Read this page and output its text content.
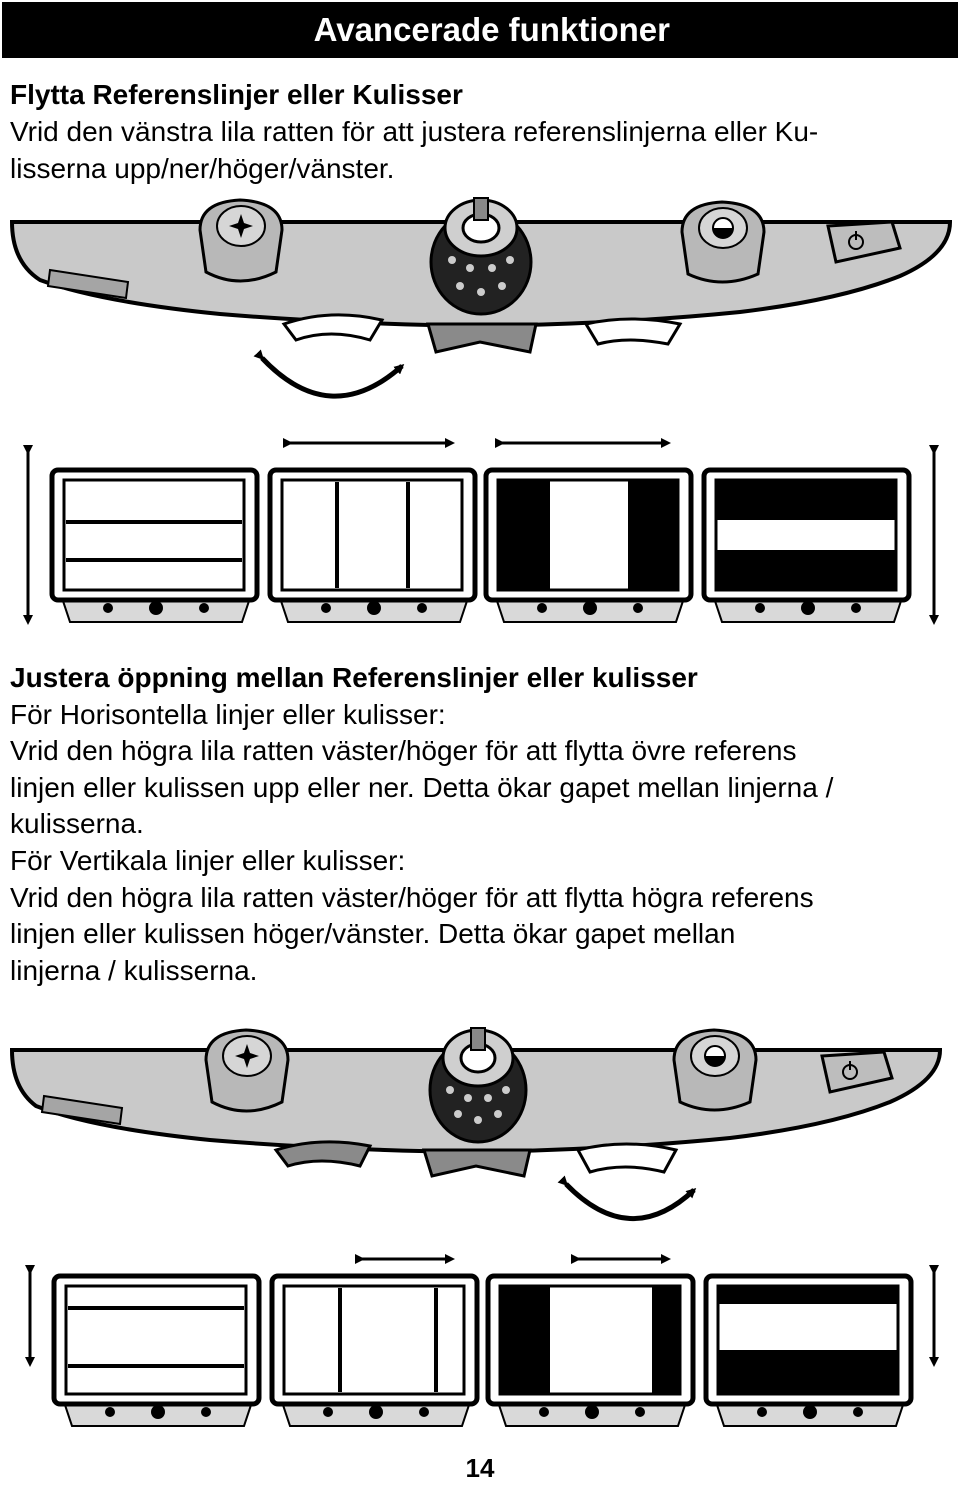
Avancerade funktioner
Flytta Referenslinjer eller Kulisser
Vrid den vänstra lila ratten för att justera referenslinjerna eller Ku-
lisserna upp/ner/höger/vänster.
Justera öppning mellan Referenslinjer eller kulisser
För Horisontella linjer eller kulisser:
Vrid den högra lila ratten väster/höger för att flytta övre referens
linjen eller kulissen upp eller ner. Detta ökar gapet mellan linjerna /
kulisserna.
För Vertikala linjer eller kulisser:
Vrid den högra lila ratten väster/höger för att flytta högra referens
linjen eller kulissen höger/vänster. Detta ökar gapet mellan
linjerna / kulisserna.
14
